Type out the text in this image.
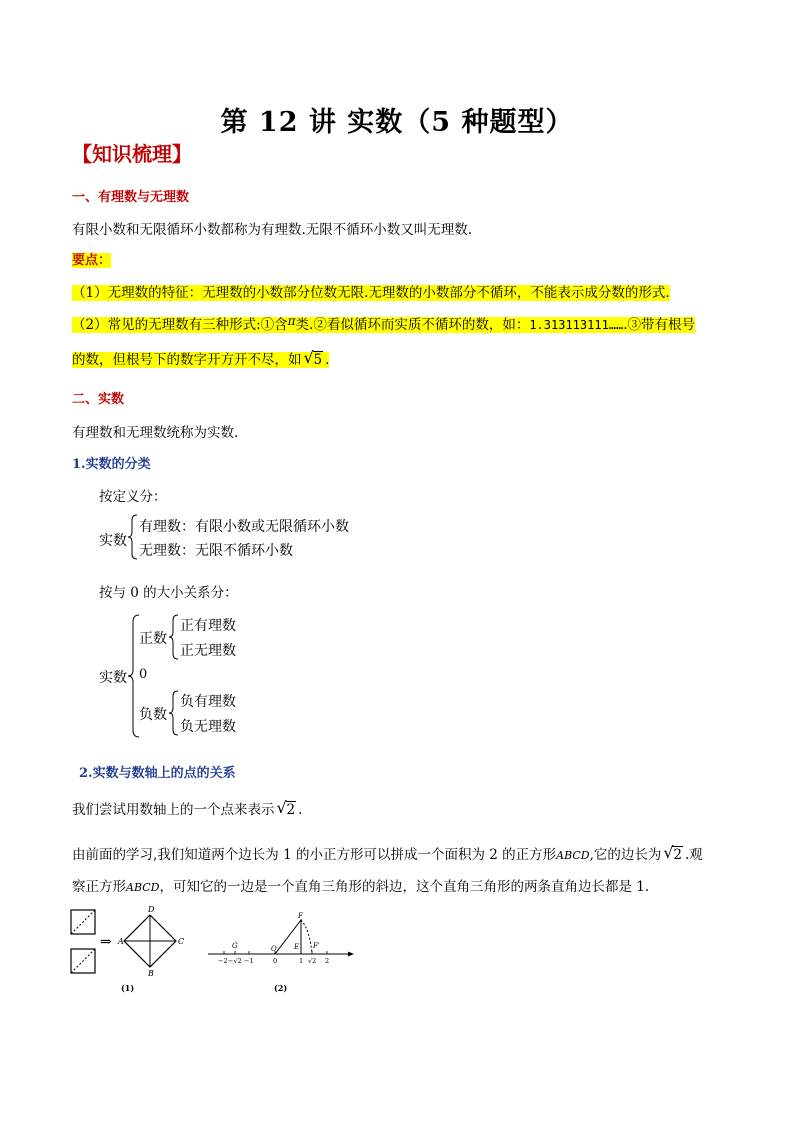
第 12 讲 实数（5 种题型）
【知识梳理】
一、有理数与无理数
有限小数和无限循环小数都称为有理数.无限不循环小数又叫无理数.
要点：
（1）无理数的特征：无理数的小数部分位数无限.无理数的小数部分不循环，不能表示成分数的形式.
（2）常见的无理数有三种形式:①含π类.②看似循环而实质不循环的数，如：1.313113111…….③带有根号
的数，但根号下的数字开方开不尽，如 √ 5 .
二、实数
有理数和无理数统称为实数.
1.实数的分类
按定义分：
实数
有理数：有限小数或无限循环小数
无理数：无限不循环小数
按与 0 的大小关系分：
实数
正数
正有理数
正无理数
0
负数
负有理数
负无理数
2.实数与数轴上的点的关系
我们尝试用数轴上的一个点来表示 √ 2 .
由前面的学习,我们知道两个边长为 1 的小正方形可以拼成一个面积为 2 的正方形ABCD,它的边长为 √ 2 .观
察正方形ABCD，可知它的一边是一个直角三角形的斜边，这个直角三角形的两条直角边长都是 1.
⇒ A
D
C
B
(1)
F
G	O E F'
−2 −√2 −1	0	1 √2 2
(2)
